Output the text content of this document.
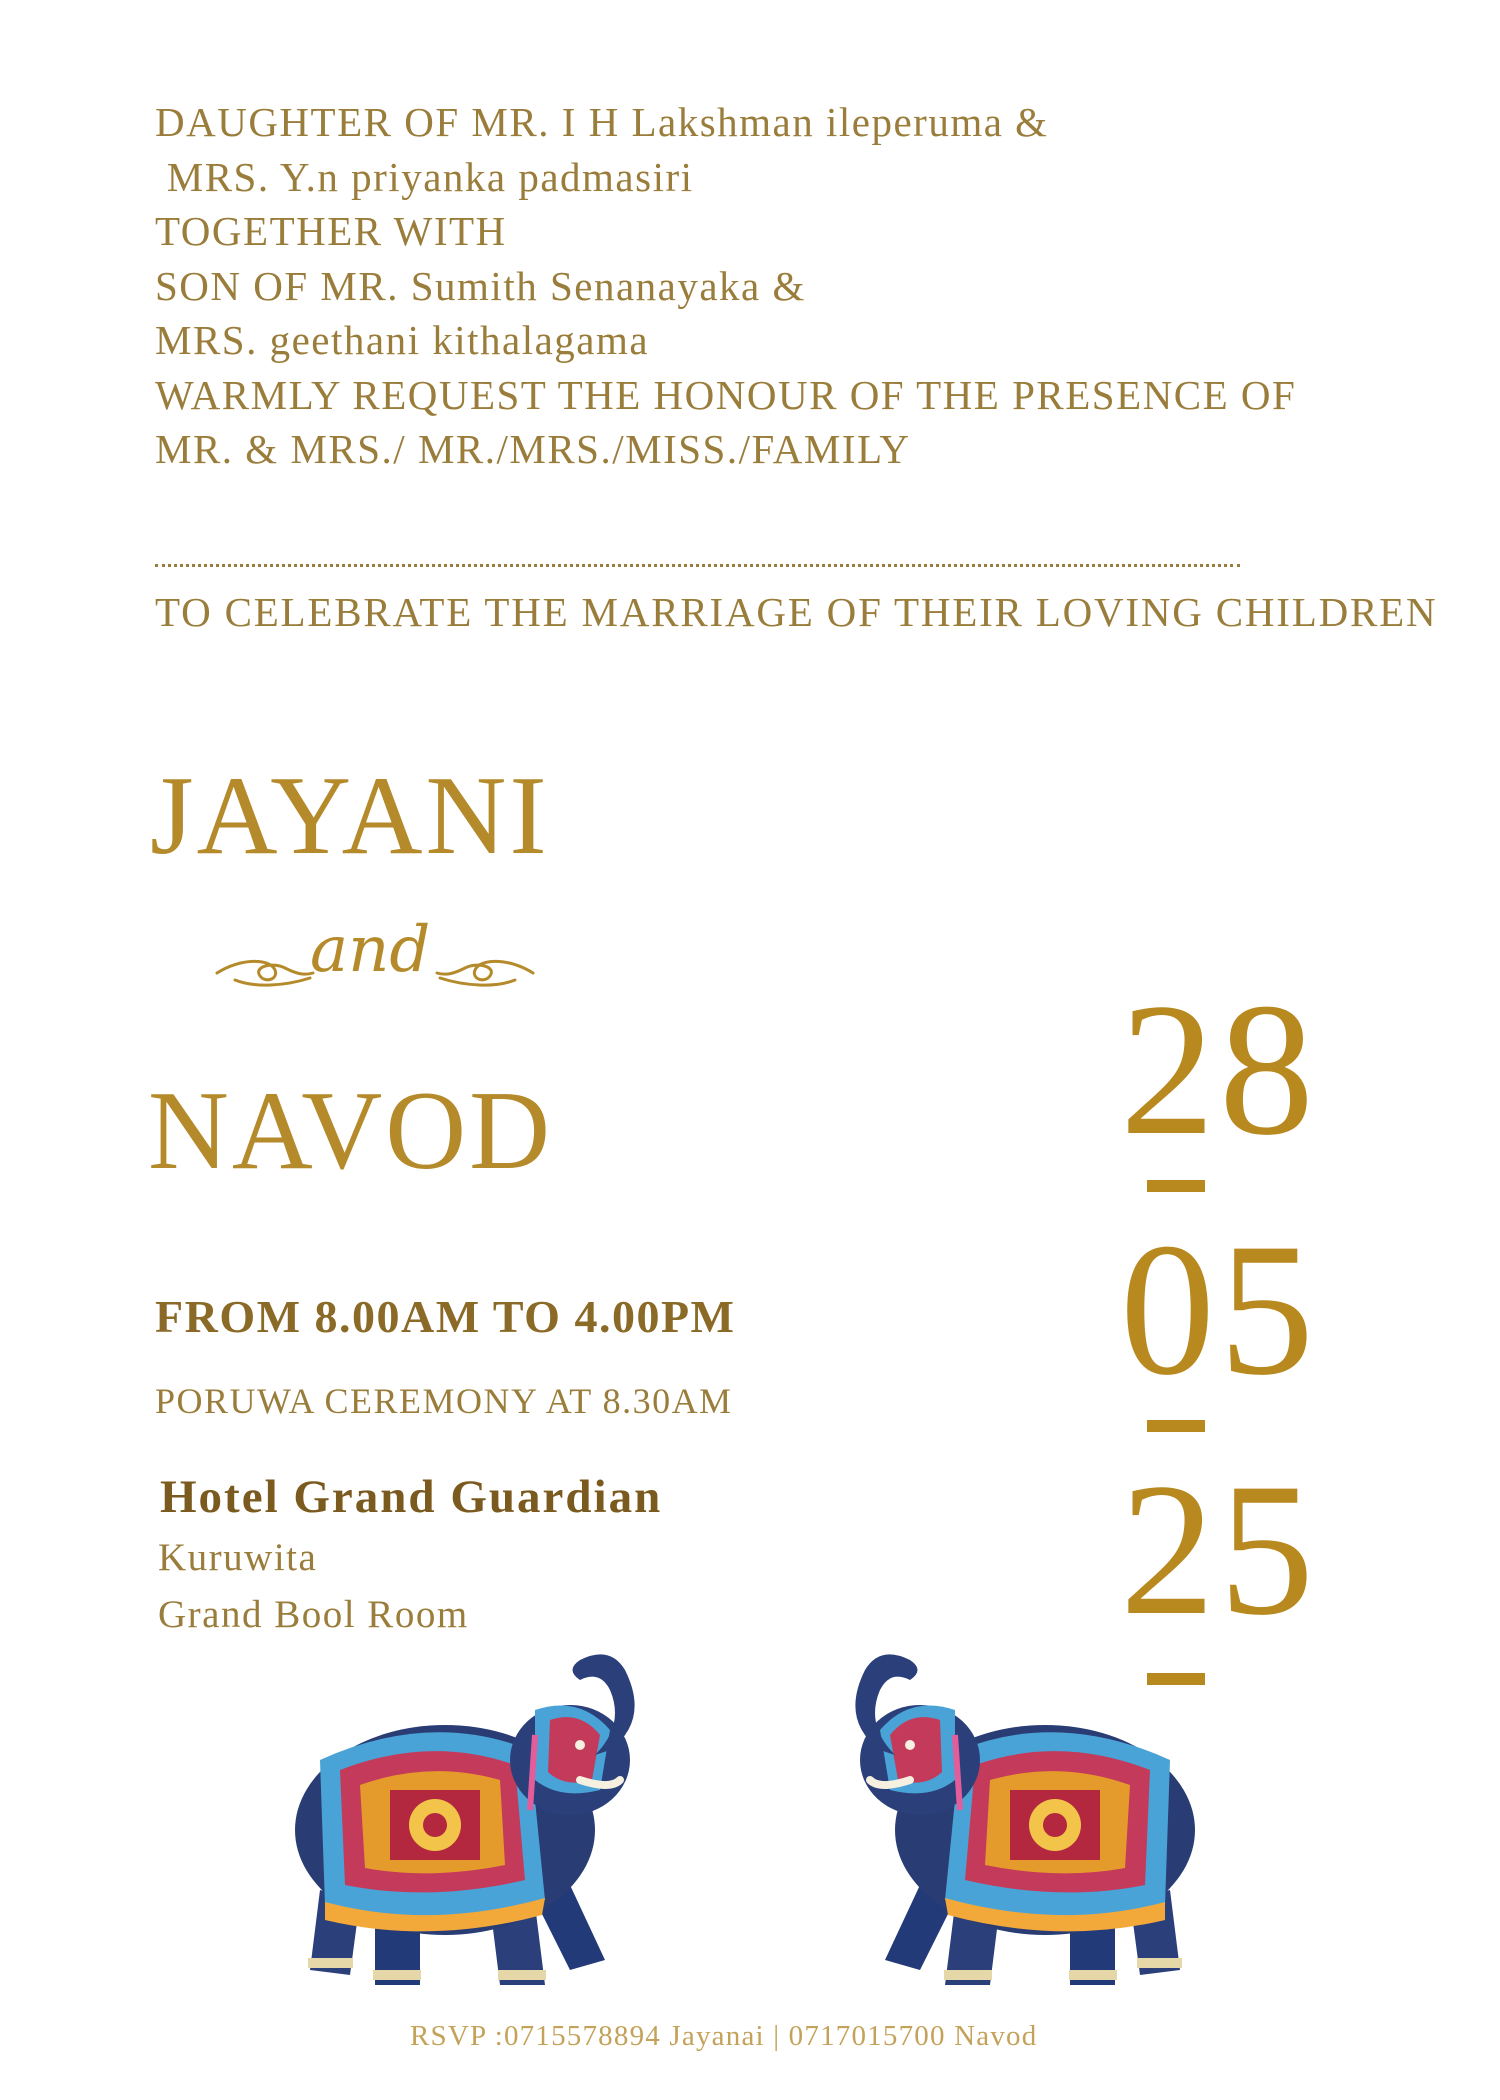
DAUGHTER OF MR. I H Lakshman ileperuma &
MRS. Y.n priyanka padmasiri
TOGETHER WITH
SON OF MR. Sumith Senanayaka &
MRS. geethani kithalagama
WARMLY REQUEST THE HONOUR OF THE PRESENCE OF
MR. & MRS./ MR./MRS./MISS./FAMILY
TO CELEBRATE THE MARRIAGE OF THEIR LOVING CHILDREN
JAYANI
and
NAVOD
FROM 8.00AM TO 4.00PM
PORUWA CEREMONY AT 8.30AM
Hotel Grand Guardian
Kuruwita
Grand Bool Room
28
05
25
RSVP :0715578894 Jayanai | 0717015700 Navod
